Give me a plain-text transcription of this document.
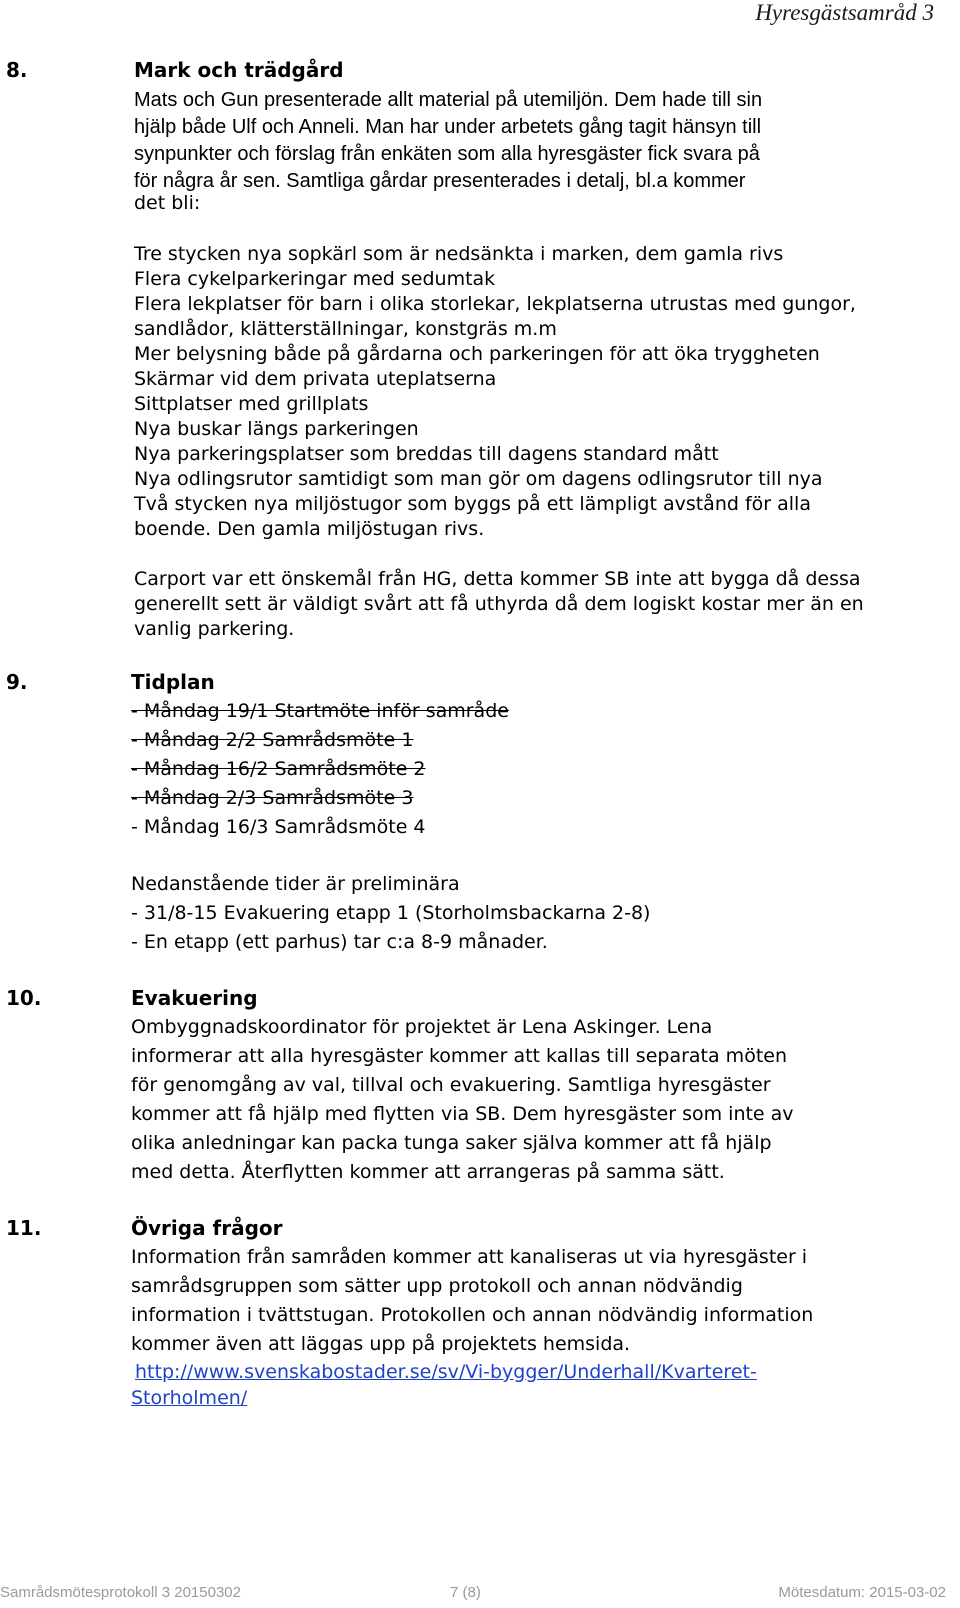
Hyresgästsamråd 3
8.	Mark och trädgård
Mats och Gun presenterade allt material på utemiljön. Dem hade till sin
hjälp både Ulf och Anneli. Man har under arbetets gång tagit hänsyn till
synpunkter och förslag från enkäten som alla hyresgäster fick svara på
för några år sen. Samtliga gårdar presenterades i detalj, bl.a kommer
det bli:
Tre stycken nya sopkärl som är nedsänkta i marken, dem gamla rivs
Flera cykelparkeringar med sedumtak
Flera lekplatser för barn i olika storlekar, lekplatserna utrustas med gungor,
sandlådor, klätterställningar, konstgräs m.m
Mer belysning både på gårdarna och parkeringen för att öka tryggheten
Skärmar vid dem privata uteplatserna
Sittplatser med grillplats
Nya buskar längs parkeringen
Nya parkeringsplatser som breddas till dagens standard mått
Nya odlingsrutor samtidigt som man gör om dagens odlingsrutor till nya
Två stycken nya miljöstugor som byggs på ett lämpligt avstånd för alla
boende. Den gamla miljöstugan rivs.
Carport var ett önskemål från HG, detta kommer SB inte att bygga då dessa
generellt sett är väldigt svårt att få uthyrda då dem logiskt kostar mer än en
vanlig parkering.
9.	Tidplan
- Måndag 19/1 Startmöte inför samråde
- Måndag 2/2 Samrådsmöte 1
- Måndag 16/2 Samrådsmöte 2
- Måndag 2/3 Samrådsmöte 3
- Måndag 16/3 Samrådsmöte 4
Nedanstående tider är preliminära
- 31/8-15 Evakuering etapp 1 (Storholmsbackarna 2-8)
- En etapp (ett parhus) tar c:a 8-9 månader.
10.	Evakuering
Ombyggnadskoordinator för projektet är Lena Askinger. Lena
informerar att alla hyresgäster kommer att kallas till separata möten
för genomgång av val, tillval och evakuering. Samtliga hyresgäster
kommer att få hjälp med flytten via SB. Dem hyresgäster som inte av
olika anledningar kan packa tunga saker själva kommer att få hjälp
med detta. Återflytten kommer att arrangeras på samma sätt.
11.	Övriga frågor
Information från samråden kommer att kanaliseras ut via hyresgäster i
samrådsgruppen som sätter upp protokoll och annan nödvändig
information i tvättstugan. Protokollen och annan nödvändig information
kommer även att läggas upp på projektets hemsida.
http://www.svenskabostader.se/sv/Vi-bygger/Underhall/Kvarteret-
Storholmen/
Samrådsmötesprotokoll 3 20150302	7 (8)	Mötesdatum: 2015-03-02
